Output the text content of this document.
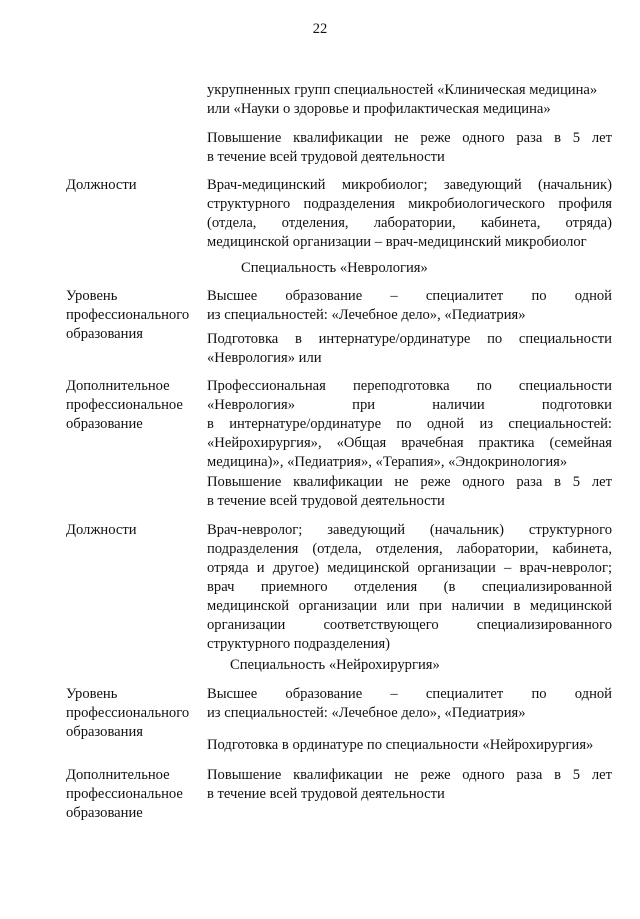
22
укрупненных групп специальностей «Клиническая медицина»
или «Науки о здоровье и профилактическая медицина»
Повышение квалификации не реже одного раза в 5 лет
в течение всей трудовой деятельности
Должности	Врач-медицинский микробиолог; заведующий (начальник)
структурного подразделения микробиологического профиля
(отдела, отделения, лаборатории, кабинета, отряда)
медицинской организации – врач-медицинский микробиолог
Специальность «Неврология»
Уровень
профессионального
образования
Высшее образование – специалитет по одной
из специальностей: «Лечебное дело», «Педиатрия»
Подготовка в интернатуре/ординатуре по специальности
«Неврология» или
Дополнительное
профессиональное
образование
Профессиональная переподготовка по специальности
«Неврология» при наличии подготовки
в интернатуре/ординатуре по одной из специальностей:
«Нейрохирургия», «Общая врачебная практика (семейная
медицина)», «Педиатрия», «Терапия», «Эндокринология»
Повышение квалификации не реже одного раза в 5 лет
в течение всей трудовой деятельности
Должности	Врач-невролог; заведующий (начальник) структурного
подразделения (отдела, отделения, лаборатории, кабинета,
отряда и другое) медицинской организации – врач-невролог;
врач приемного отделения (в специализированной
медицинской организации или при наличии в медицинской
организации соответствующего специализированного
структурного подразделения)
Специальность «Нейрохирургия»
Уровень
профессионального
образования
Высшее образование – специалитет по одной
из специальностей: «Лечебное дело», «Педиатрия»
Подготовка в ординатуре по специальности «Нейрохирургия»
Дополнительное
профессиональное
образование
Повышение квалификации не реже одного раза в 5 лет
в течение всей трудовой деятельности
